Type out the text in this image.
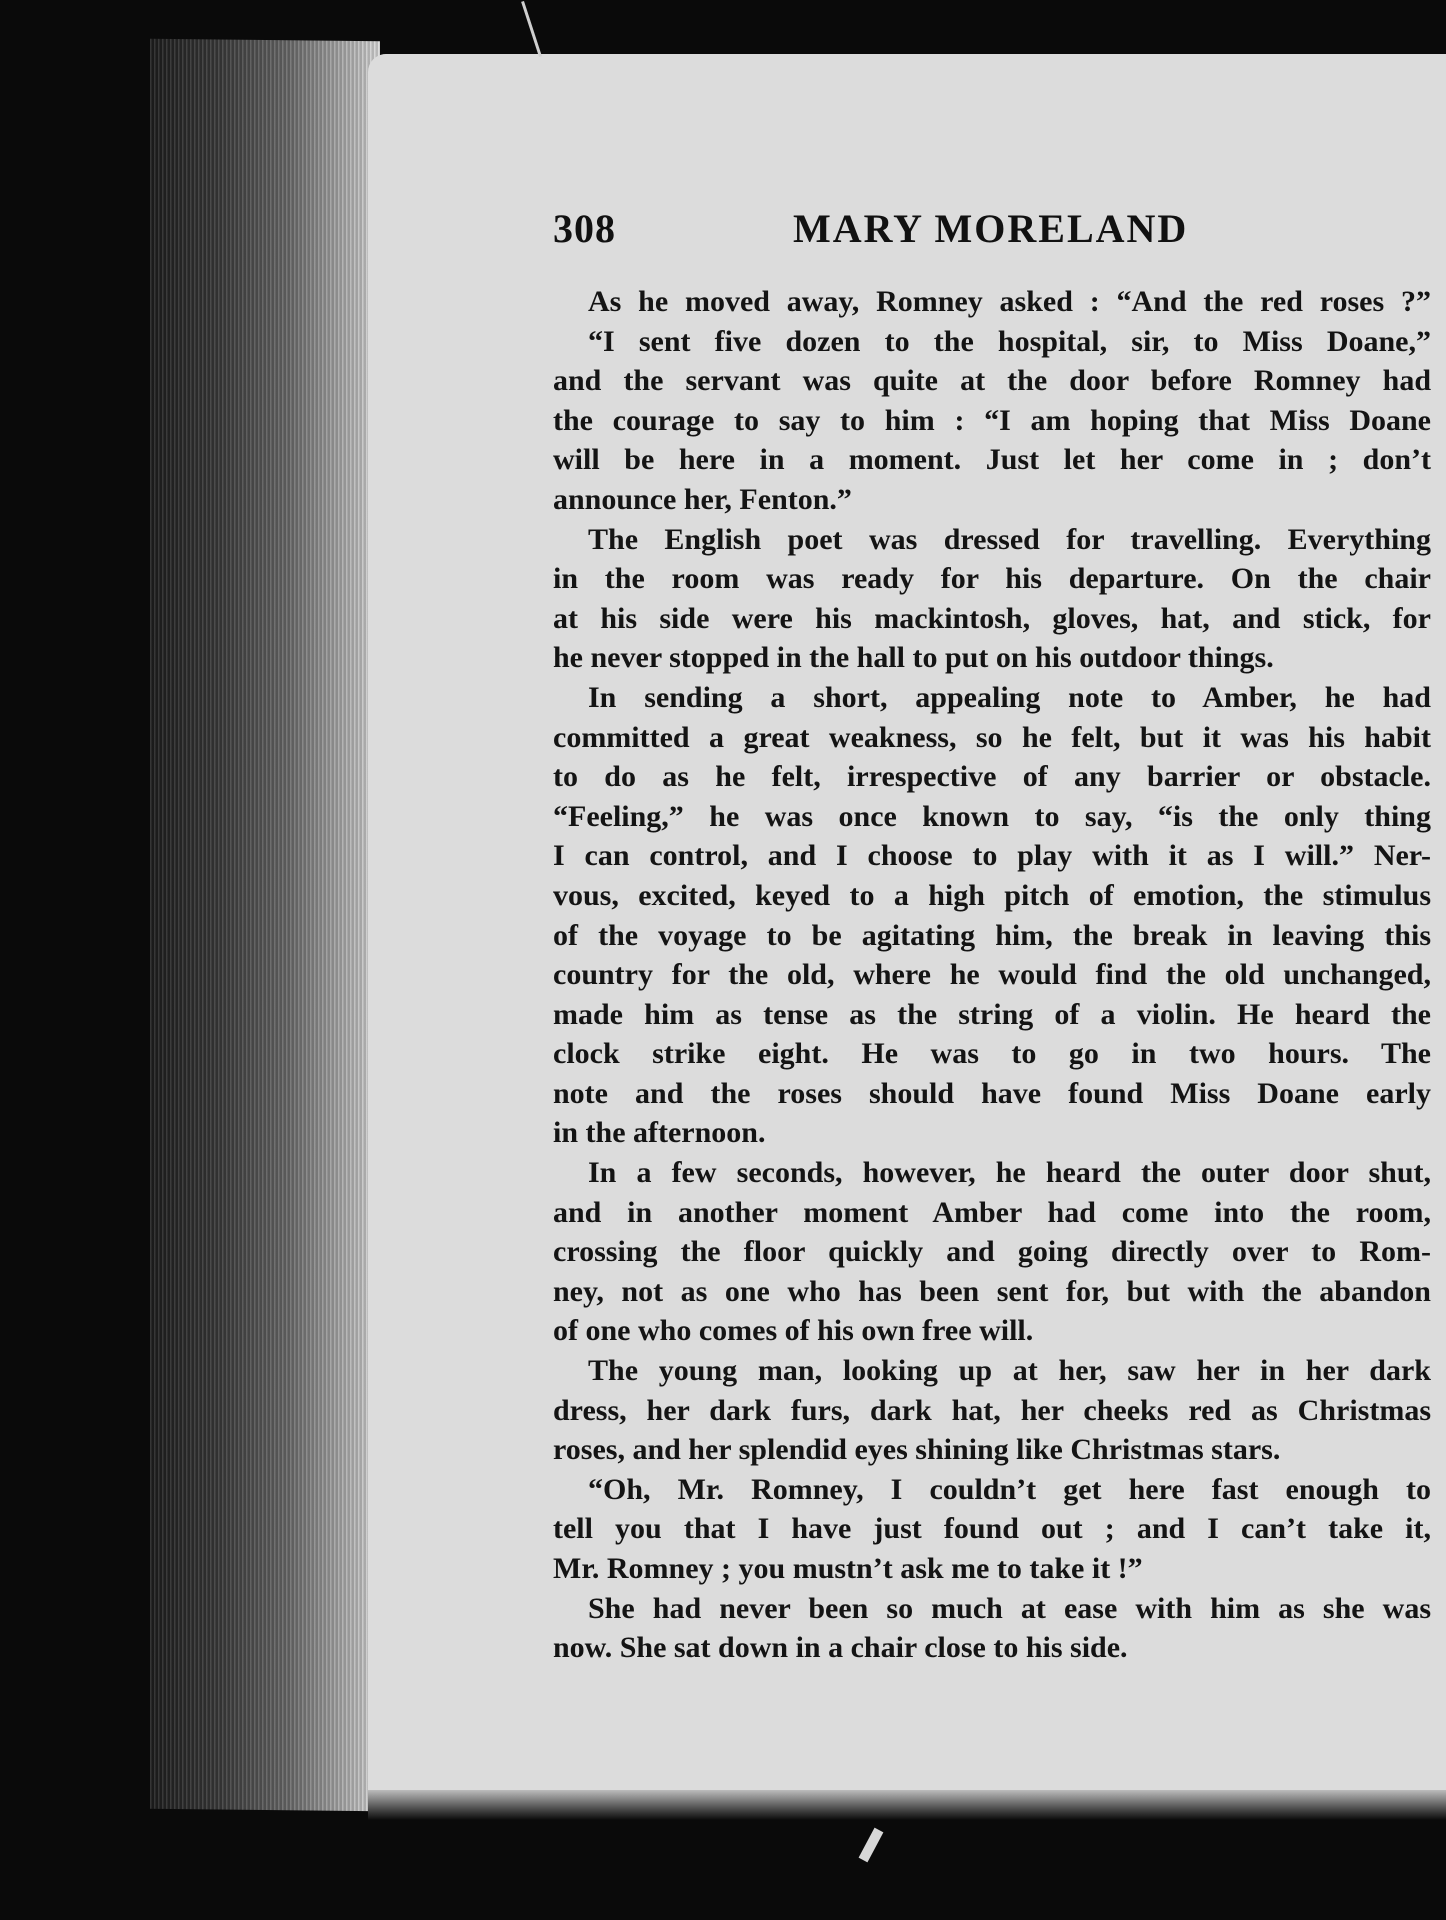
308	MARY MORELAND
As he moved away, Romney asked : “And the red roses ?”
“I sent five dozen to the hospital, sir, to Miss Doane,”
and the servant was quite at the door before Romney had
the courage to say to him : “I am hoping that Miss Doane
will be here in a moment. Just let her come in ; don’t
announce her, Fenton.”
The English poet was dressed for travelling. Everything
in the room was ready for his departure. On the chair
at his side were his mackintosh, gloves, hat, and stick, for
he never stopped in the hall to put on his outdoor things.
In sending a short, appealing note to Amber, he had
committed a great weakness, so he felt, but it was his habit
to do as he felt, irrespective of any barrier or obstacle.
“Feeling,” he was once known to say, “is the only thing
I can control, and I choose to play with it as I will.” Ner-
vous, excited, keyed to a high pitch of emotion, the stimulus
of the voyage to be agitating him, the break in leaving this
country for the old, where he would find the old unchanged,
made him as tense as the string of a violin. He heard the
clock strike eight. He was to go in two hours. The
note and the roses should have found Miss Doane early
in the afternoon.
In a few seconds, however, he heard the outer door shut,
and in another moment Amber had come into the room,
crossing the floor quickly and going directly over to Rom-
ney, not as one who has been sent for, but with the abandon
of one who comes of his own free will.
The young man, looking up at her, saw her in her dark
dress, her dark furs, dark hat, her cheeks red as Christmas
roses, and her splendid eyes shining like Christmas stars.
“Oh, Mr. Romney, I couldn’t get here fast enough to
tell you that I have just found out ; and I can’t take it,
Mr. Romney ; you mustn’t ask me to take it !”
She had never been so much at ease with him as she was
now. She sat down in a chair close to his side.
